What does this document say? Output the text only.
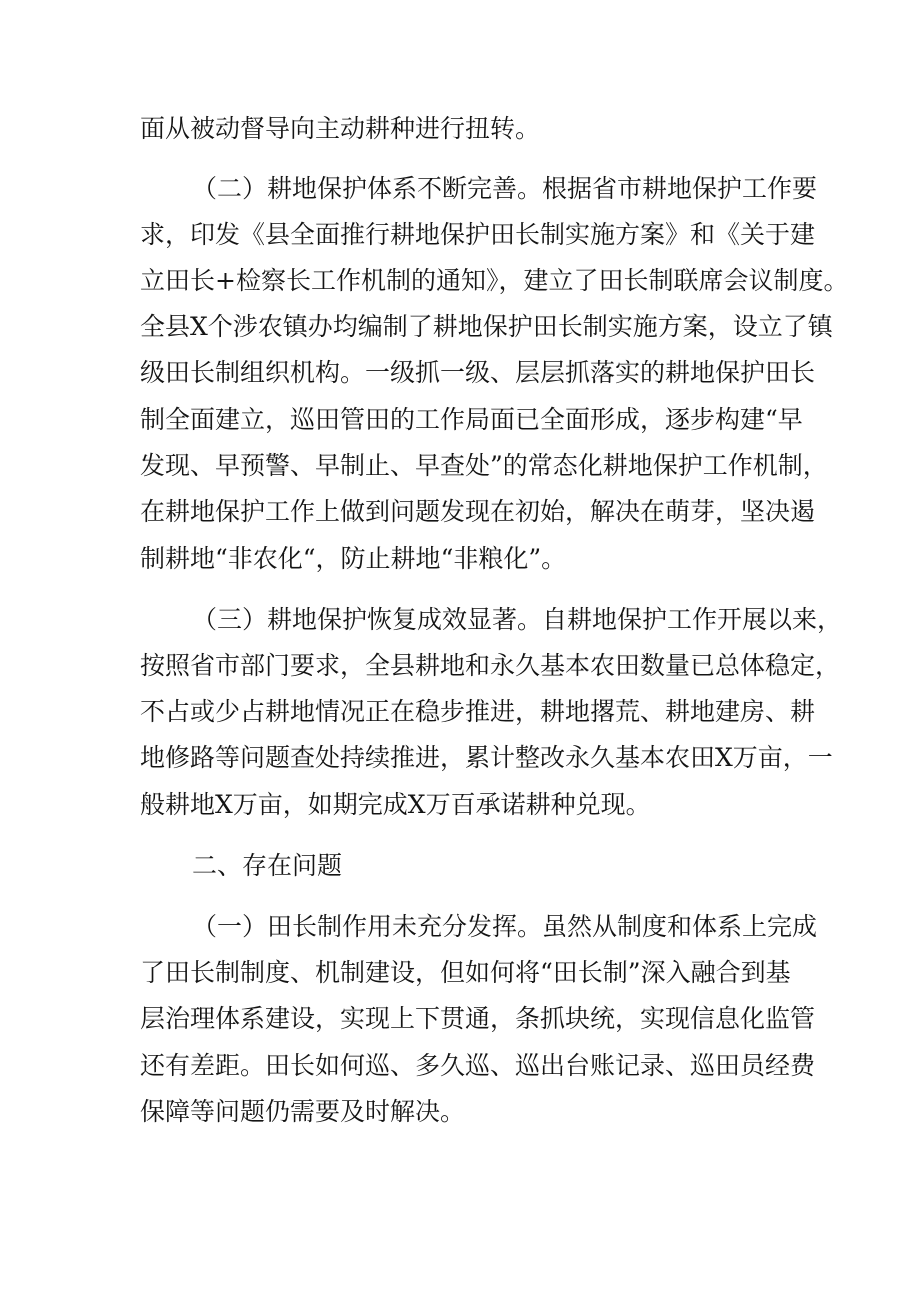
面从被动督导向主动耕种进行扭转。
（二）耕地保护体系不断完善。根据省市耕地保护工作要
求，印发《县全面推行耕地保护田长制实施方案》和《关于建
立田长+检察长工作机制的通知》，建立了田长制联席会议制度。
全县X个涉农镇办均编制了耕地保护田长制实施方案，设立了镇
级田长制组织机构。一级抓一级、层层抓落实的耕地保护田长
制全面建立，巡田管田的工作局面已全面形成，逐步构建“早
发现、早预警、早制止、早查处”的常态化耕地保护工作机制，
在耕地保护工作上做到问题发现在初始，解决在萌芽，坚决遏
制耕地“非农化“，防止耕地“非粮化”。
（三）耕地保护恢复成效显著。自耕地保护工作开展以来，
按照省市部门要求，全县耕地和永久基本农田数量已总体稳定，
不占或少占耕地情况正在稳步推进，耕地撂荒、耕地建房、耕
地修路等问题查处持续推进，累计整改永久基本农田X万亩，一
般耕地X万亩，如期完成X万百承诺耕种兑现。
二、存在问题
（一）田长制作用未充分发挥。虽然从制度和体系上完成
了田长制制度、机制建设，但如何将“田长制”深入融合到基
层治理体系建设，实现上下贯通，条抓块统，实现信息化监管
还有差距。田长如何巡、多久巡、巡出台账记录、巡田员经费
保障等问题仍需要及时解决。
